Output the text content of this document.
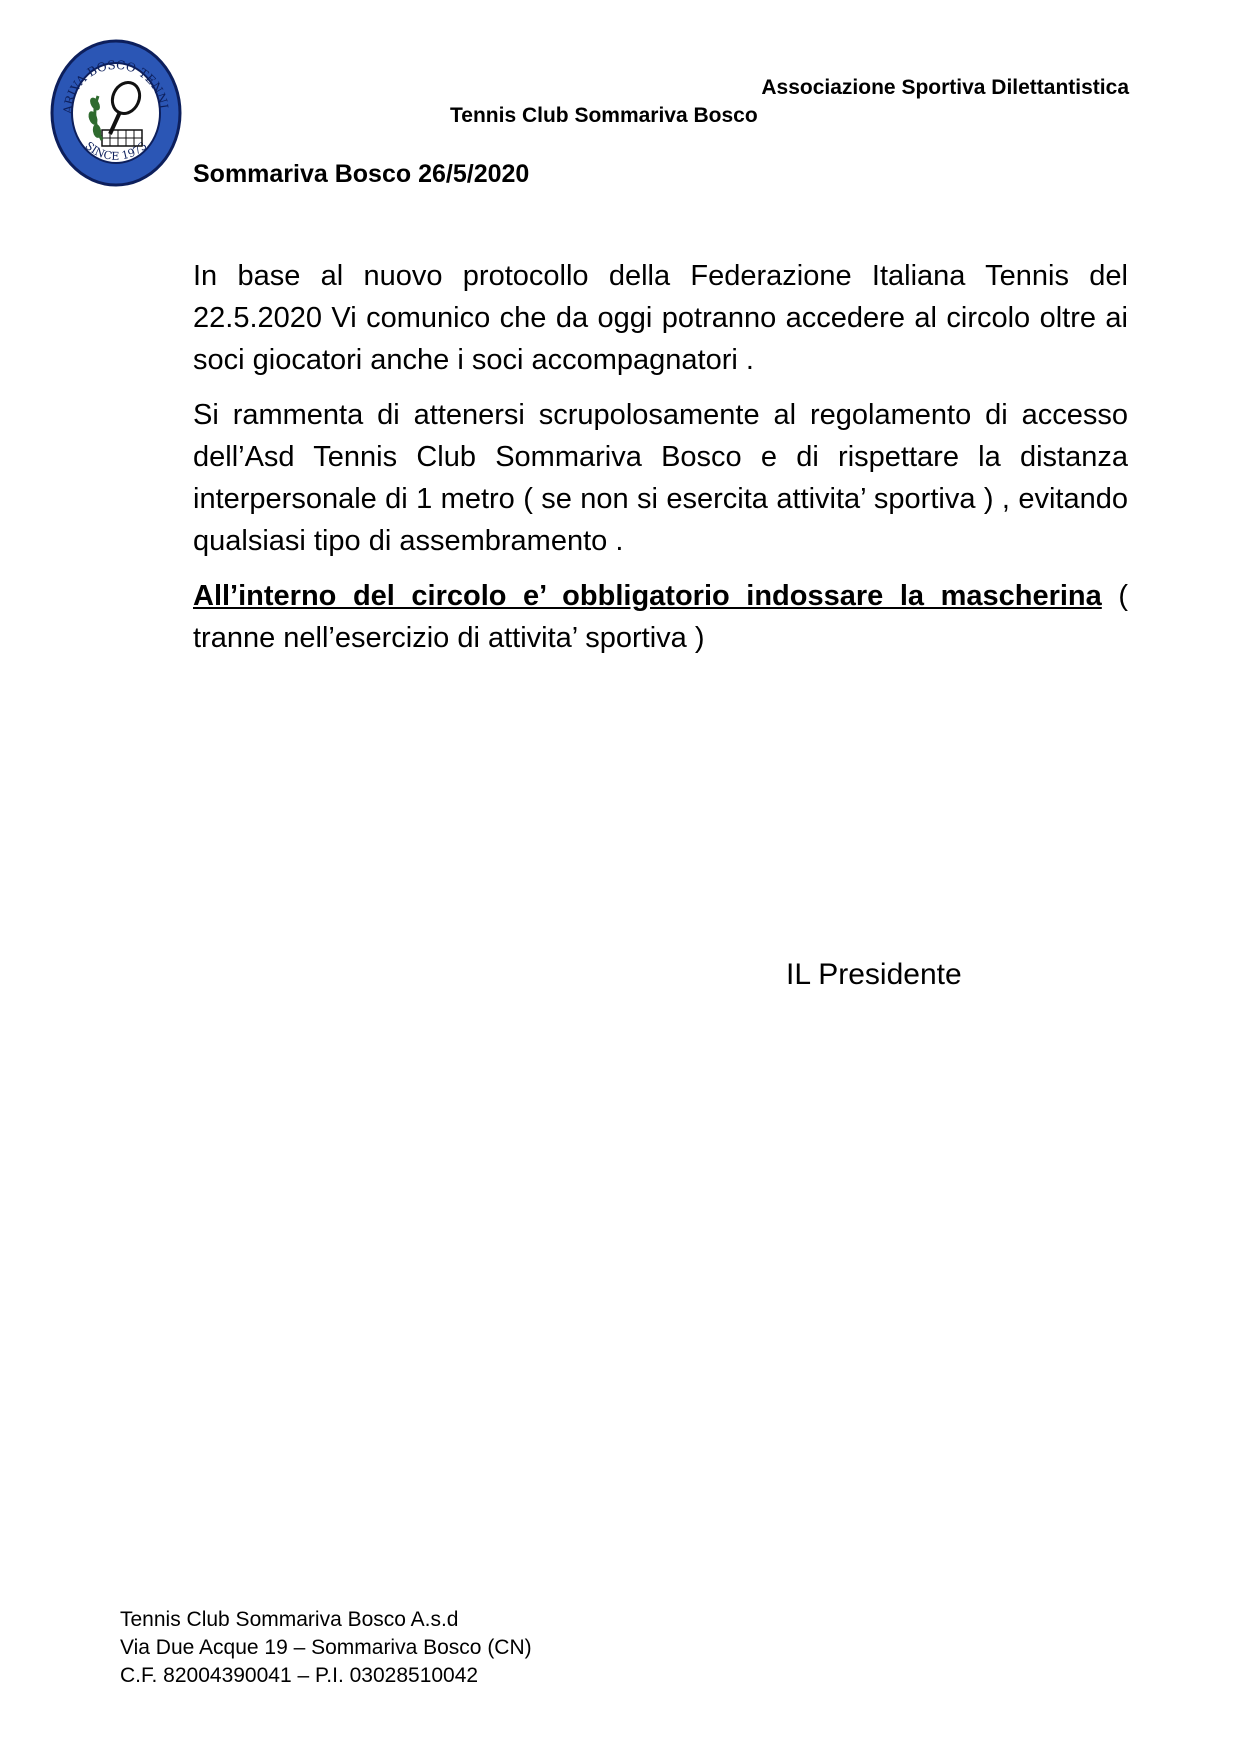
ARIVA BOSCO TENNI
SINCE 1973
Associazione Sportiva Dilettantistica
Tennis Club Sommariva Bosco
Sommariva Bosco 26/5/2020

In base al nuovo protocollo della Federazione Italiana Tennis del 22.5.2020 Vi comunico che da oggi potranno accedere al circolo oltre ai soci giocatori anche i soci accompagnatori .

Si rammenta di attenersi scrupolosamente al regolamento di accesso dell’Asd Tennis Club Sommariva Bosco e di rispettare la distanza interpersonale di 1 metro ( se non si esercita attivita’ sportiva ) , evitando qualsiasi tipo di assembramento .

All’interno del circolo e’ obbligatorio indossare la mascherina ( tranne nell’esercizio di attivita’ sportiva )

IL Presidente
Tennis Club Sommariva Bosco A.s.d
Via Due Acque 19 – Sommariva Bosco (CN)
C.F. 82004390041 – P.I. 03028510042
